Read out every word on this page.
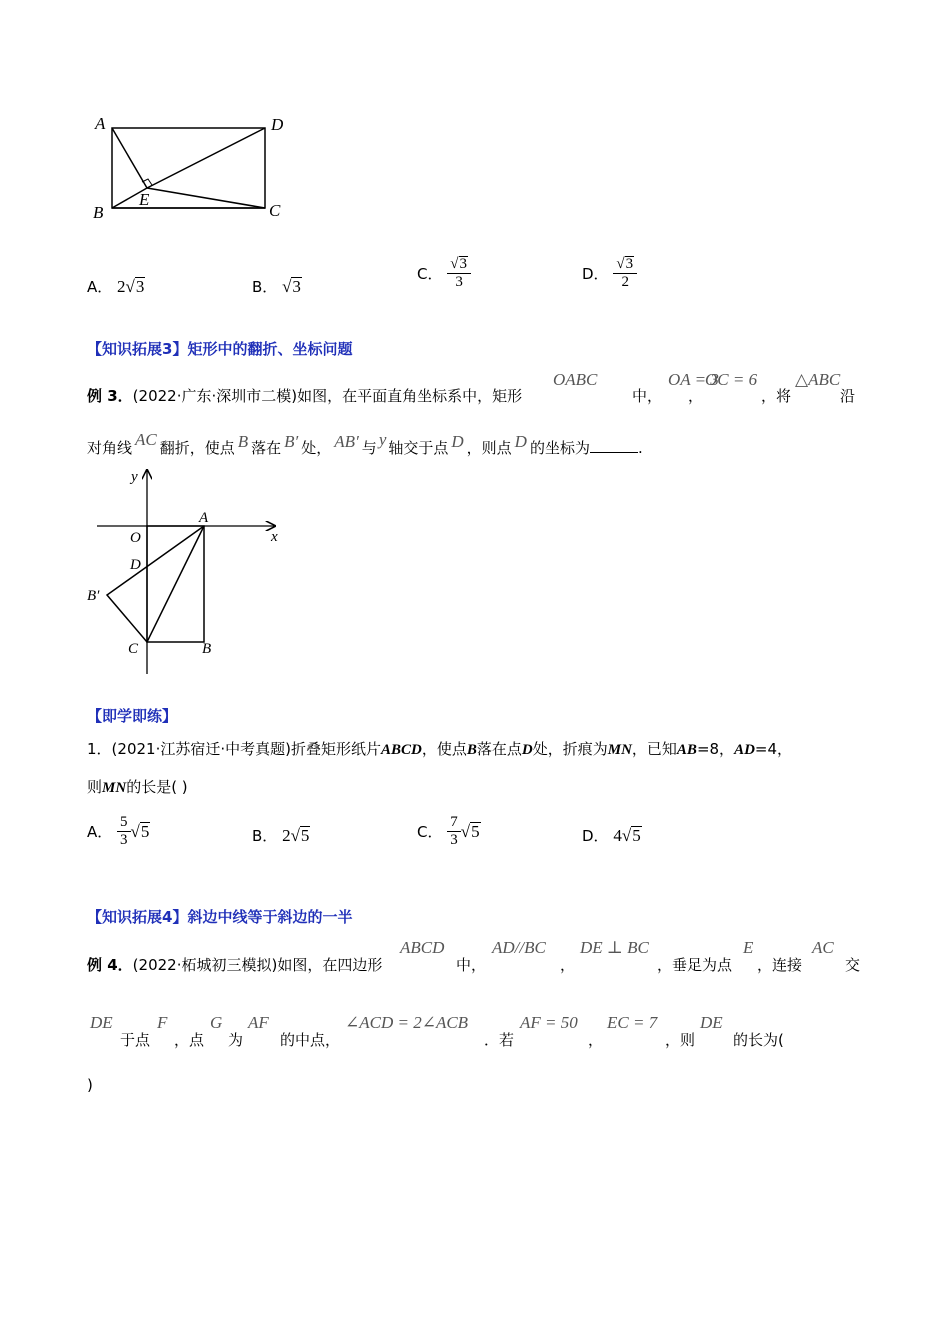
A	D
B	C
E
A． 2√3	B． √3
C． $\frac{√3}{3}$	D． $\frac{√3}{2}$
【知识拓展3】矩形中的翻折、坐标问题
例 3．(2022·广东·深圳市二模)如图，在平面直角坐标系中，矩形
OABC
中，
OA = 3
，
OC = 6
，将
△ABC
沿
对角线 AC 翻折，使点 B 落在 B′ 处， AB′ 与 y 轴交于点 D ，则点 D 的坐标为	.
y
x
A
O
D
B′
C	B
【即学即练】
1．(2021·江苏宿迁·中考真题)折叠矩形纸片ABCD，使点B落在点D处，折痕为MN，已知AB=8，AD=4，
则MN的长是( )
A． $\frac{5}{3} √5$	B． 2√5	C． $\frac{7}{3} √5$	D． 4√5
【知识拓展4】斜边中线等于斜边的一半
例 4．(2022·柘城初三模拟)如图，在四边形
ABCD
中，
AD//BC
，
DE ⊥ BC
，垂足为点
E
，连接
AC
交
DE
于点
F
，点
G
为
AF
的中点，
∠ACD = 2∠ACB
．若
AF = 50
，
EC = 7
，则
DE
的长为(
)
